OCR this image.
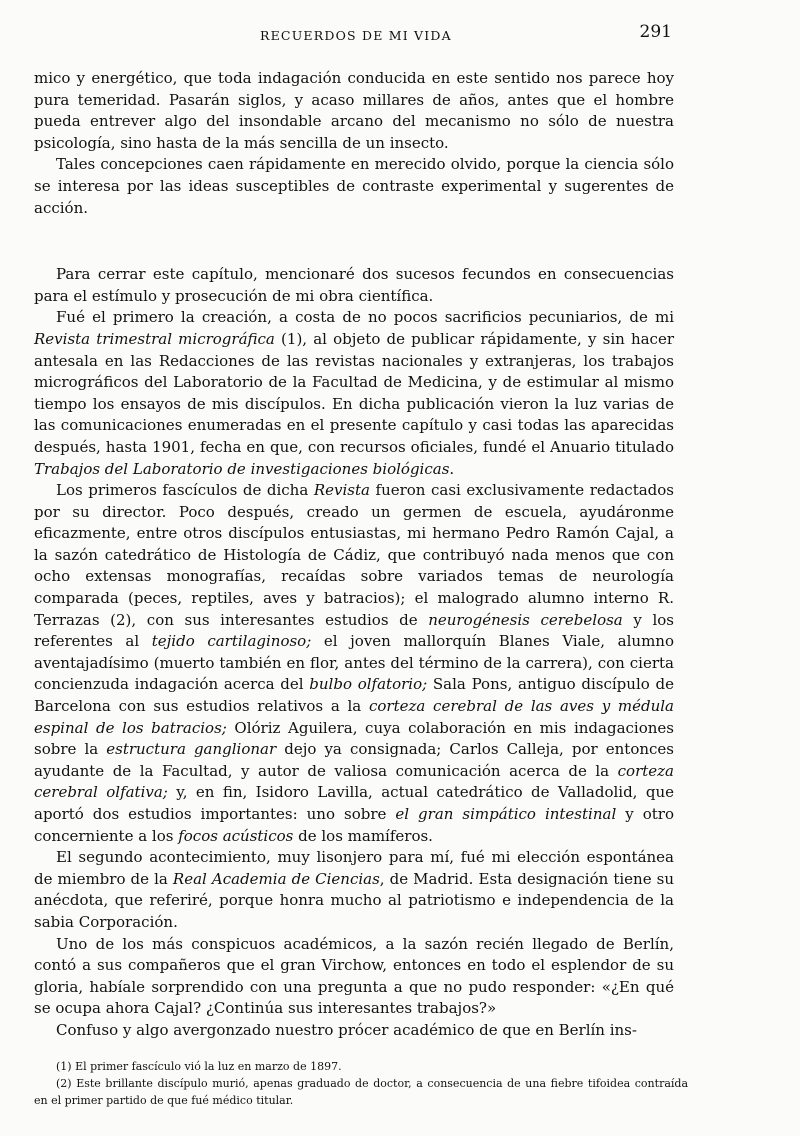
RECUERDOS DE MI VIDA	291

mico y energético, que toda indagación conducida en este sentido nos parece hoy pura temeridad. Pasarán siglos, y acaso millares de años, antes que el hombre pueda entrever algo del insondable arcano del mecanismo no sólo de nuestra psicología, sino hasta de la más sencilla de un insecto.

Tales concepciones caen rápidamente en merecido olvido, porque la ciencia sólo se interesa por las ideas susceptibles de contraste experimental y sugerentes de acción.

Para cerrar este capítulo, mencionaré dos sucesos fecundos en consecuencias para el estímulo y prosecución de mi obra científica.

Fué el primero la creación, a costa de no pocos sacrificios pecuniarios, de mi Revista trimestral micrográfica (1), al objeto de publicar rápidamente, y sin hacer antesala en las Redacciones de las revistas nacionales y extranjeras, los trabajos micrográficos del Laboratorio de la Facultad de Medicina, y de estimular al mismo tiempo los ensayos de mis discípulos. En dicha publicación vieron la luz varias de las comunicaciones enumeradas en el presente capítulo y casi todas las aparecidas después, hasta 1901, fecha en que, con recursos oficiales, fundé el Anuario titulado Trabajos del Laboratorio de investigaciones biológicas.

Los primeros fascículos de dicha Revista fueron casi exclusivamente redactados por su director. Poco después, creado un germen de escuela, ayudáronme eficazmente, entre otros discípulos entusiastas, mi hermano Pedro Ramón Cajal, a la sazón catedrático de Histología de Cádiz, que contribuyó nada menos que con ocho extensas monografías, recaídas sobre variados temas de neurología comparada (peces, reptiles, aves y batracios); el malogrado alumno interno R. Terrazas (2), con sus interesantes estudios de neurogénesis cerebelosa y los referentes al tejido cartilaginoso; el joven mallorquín Blanes Viale, alumno aventajadísimo (muerto también en flor, antes del término de la carrera), con cierta concienzuda indagación acerca del bulbo olfatorio; Sala Pons, antiguo discípulo de Barcelona con sus estudios relativos a la corteza cerebral de las aves y médula espinal de los batracios; Olóriz Aguilera, cuya colaboración en mis indagaciones sobre la estructura ganglionar dejo ya consignada; Carlos Calleja, por entonces ayudante de la Facultad, y autor de valiosa comunicación acerca de la corteza cerebral olfativa; y, en fin, Isidoro Lavilla, actual catedrático de Valladolid, que aportó dos estudios importantes: uno sobre el gran simpático intestinal y otro concerniente a los focos acústicos de los mamíferos.

El segundo acontecimiento, muy lisonjero para mí, fué mi elección espontánea de miembro de la Real Academia de Ciencias, de Madrid. Esta designación tiene su anécdota, que referiré, porque honra mucho al patriotismo e independencia de la sabia Corporación.

Uno de los más conspicuos académicos, a la sazón recién llegado de Berlín, contó a sus compañeros que el gran Virchow, entonces en todo el esplendor de su gloria, habíale sorprendido con una pregunta a que no pudo responder: «¿En qué se ocupa ahora Cajal? ¿Continúa sus interesantes trabajos?»

Confuso y algo avergonzado nuestro prócer académico de que en Berlín ins-

(1) El primer fascículo vió la luz en marzo de 1897.

(2) Este brillante discípulo murió, apenas graduado de doctor, a consecuencia de una fiebre tifoidea contraída en el primer partido de que fué médico titular.
